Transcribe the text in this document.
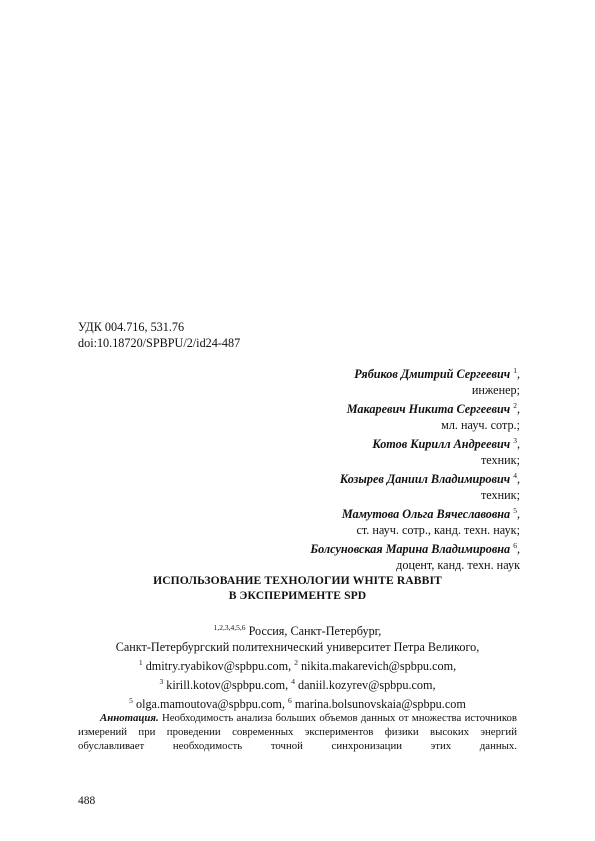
УДК 004.716, 531.76
doi:10.18720/SPBPU/2/id24-487
Рябиков Дмитрий Сергеевич $^1$,
инженер;
Макаревич Никита Сергеевич $^2$,
мл. науч. сотр.;
Котов Кирилл Андреевич $^3$,
техник;
Козырев Даниил Владимирович $^4$,
техник;
Мамутова Ольга Вячеславовна $^5$,
ст. науч. сотр., канд. техн. наук;
Болсуновская Марина Владимировна $^6$,
доцент, канд. техн. наук
ИСПОЛЬЗОВАНИЕ ТЕХНОЛОГИИ WHITE RABBIT
В ЭКСПЕРИМЕНТЕ SPD
$^{1,2,3,4,5,6}$ Россия, Санкт-Петербург,
Санкт-Петербургский политехнический университет Петра Великого,
$^1$ dmitry.ryabikov@spbpu.com, $^2$ nikita.makarevich@spbpu.com,
$^3$ kirill.kotov@spbpu.com, $^4$ daniil.kozyrev@spbpu.com,
$^5$ olga.mamoutova@spbpu.com, $^6$ marina.bolsunovskaia@spbpu.com
Аннотация. Необходимость анализа больших объемов данных от множества источников измерений при проведении современных экспериментов физики высоких энергий обуславливает необходимость точной синхронизации этих данных.
488
